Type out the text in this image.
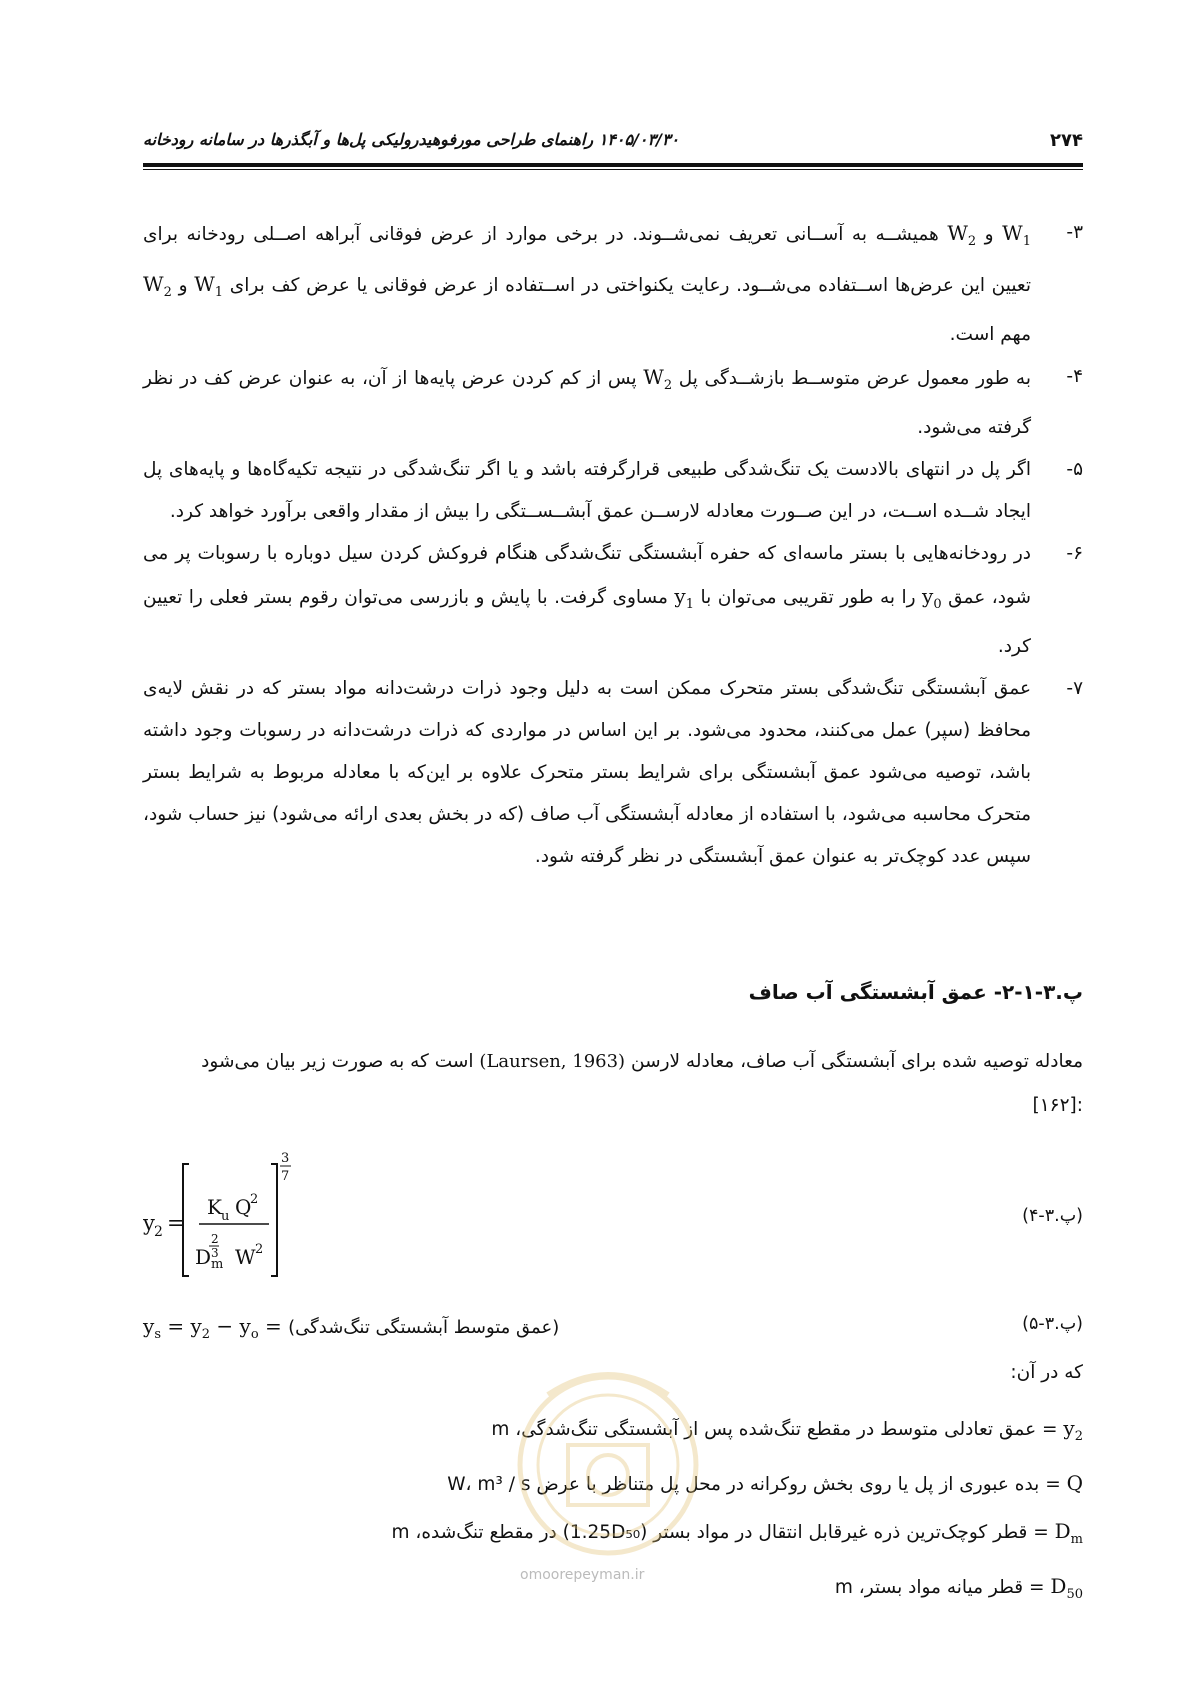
۲۷۴
۱۴۰۵/۰۳/۳۰ راهنمای طراحی مورفوهیدرولیکی پل‌ها و آبگذرها در سامانه رودخانه

۳-
$W_1$ و $W_2$ همیشــه به آســانی تعریف نمی‌شــوند. در برخی موارد از عرض فوقانی آبراهه اصــلی رودخانه برای تعیین این عرض‌ها اســتفاده می‌شــود. رعایت یکنواختی در اســتفاده از عرض فوقانی یا عرض کف برای $W_1$ و $W_2$ مهم است.

۴-
به طور معمول عرض متوســط بازشــدگی پل $W_2$ پس از کم کردن عرض پایه‌ها از آن، به عنوان عرض کف در نظر گرفته می‌شود.

۵-
اگر پل در انتهای بالادست یک تنگ‌شدگی طبیعی قرارگرفته باشد و یا اگر تنگ‌شدگی در نتیجه تکیه‌گاه‌ها و پایه‌های پل ایجاد شــده اســت، در این صــورت معادله لارســن عمق آبشــســتگی را بیش از مقدار واقعی برآورد خواهد کرد.

۶-
در رودخانه‌هایی با بستر ماسه‌ای که حفره آبشستگی تنگ‌شدگی هنگام فروکش کردن سیل دوباره با رسوبات پر می شود، عمق $y_0$ را به طور تقریبی می‌توان با $y_1$ مساوی گرفت. با پایش و بازرسی می‌توان رقوم بستر فعلی را تعیین کرد.

۷-
عمق آبشستگی تنگ‌شدگی بستر متحرک ممکن است به دلیل وجود ذرات درشت‌دانه مواد بستر که در نقش لایه‌ی محافظ (سپر) عمل می‌کنند، محدود می‌شود. بر این اساس در مواردی که ذرات درشت‌دانه در رسوبات وجود داشته باشد، توصیه می‌شود عمق آبشستگی برای شرایط بستر متحرک علاوه بر این‌که با معادله مربوط به شرایط بستر متحرک محاسبه می‌شود، با استفاده از معادله آبشستگی آب صاف (که در بخش بعدی ارائه می‌شود) نیز حساب شود، سپس عدد کوچک‌تر به عنوان عمق آبشستگی در نظر گرفته شود.

پ.۳-۱-۲- عمق آبشستگی آب صاف
معادله توصیه شده برای آبشستگی آب صاف، معادله لارسن (Laursen, 1963) است که به صورت زیر بیان می‌شود
:[۱۶۲]
y 2 =
K u Q
2
2
3
D m W 2
3
7
(پ.۳-۴)
$y_s = y_2 - y_o$ = (عمق متوسط آبشستگی تنگ‌شدگی)	(پ.۳-۵)
که در آن:
$y_2$ = عمق تعادلی متوسط در مقطع تنگ‌شده پس از آبشستگی تنگ‌شدگی، m
Q = بده عبوری از پل یا روی بخش روکرانه در محل پل متناظر با عرض W، m³ / s
$D_m$ = قطر کوچک‌ترین ذره غیرقابل انتقال در مواد بستر (1.25D₅₀) در مقطع تنگ‌شده، m
$D_{50}$ = قطر میانه مواد بستر، m
omoorepeyman.ir
